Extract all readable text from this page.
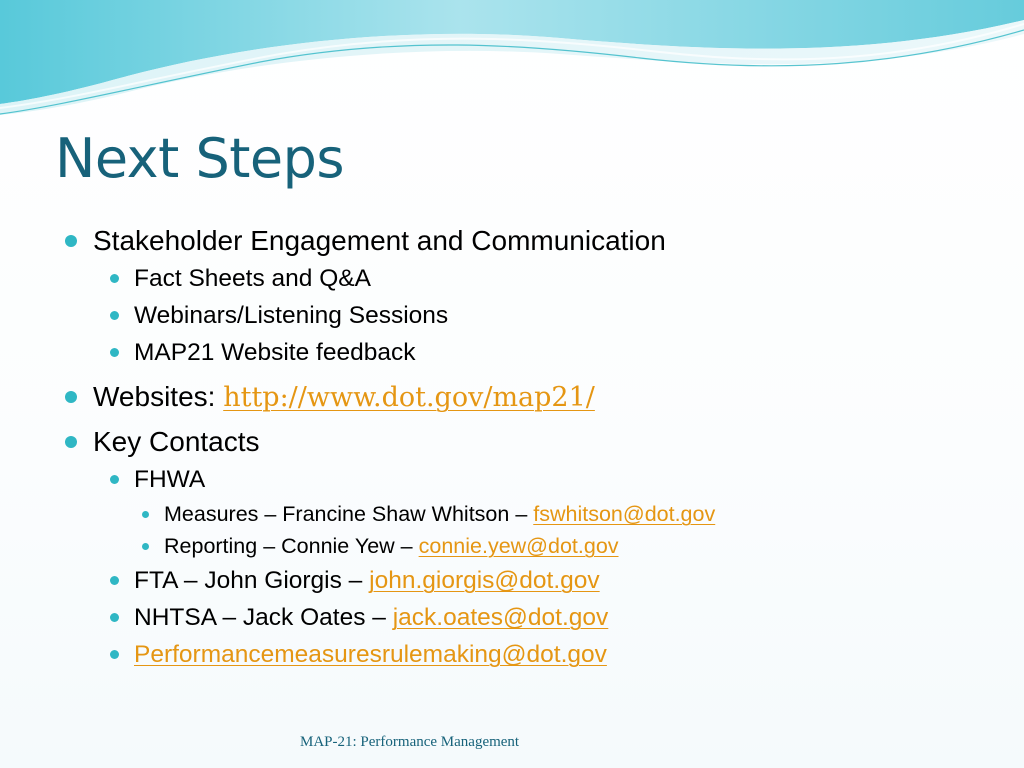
Next Steps
Stakeholder Engagement and Communication
Fact Sheets and Q&A
Webinars/Listening Sessions
MAP21 Website feedback
Websites: http://www.dot.gov/map21/
Key Contacts
FHWA
Measures – Francine Shaw Whitson – fswhitson@dot.gov
Reporting – Connie Yew – connie.yew@dot.gov
FTA – John Giorgis – john.giorgis@dot.gov
NHTSA – Jack Oates – jack.oates@dot.gov
Performancemeasuresrulemaking@dot.gov
MAP-21: Performance Management
